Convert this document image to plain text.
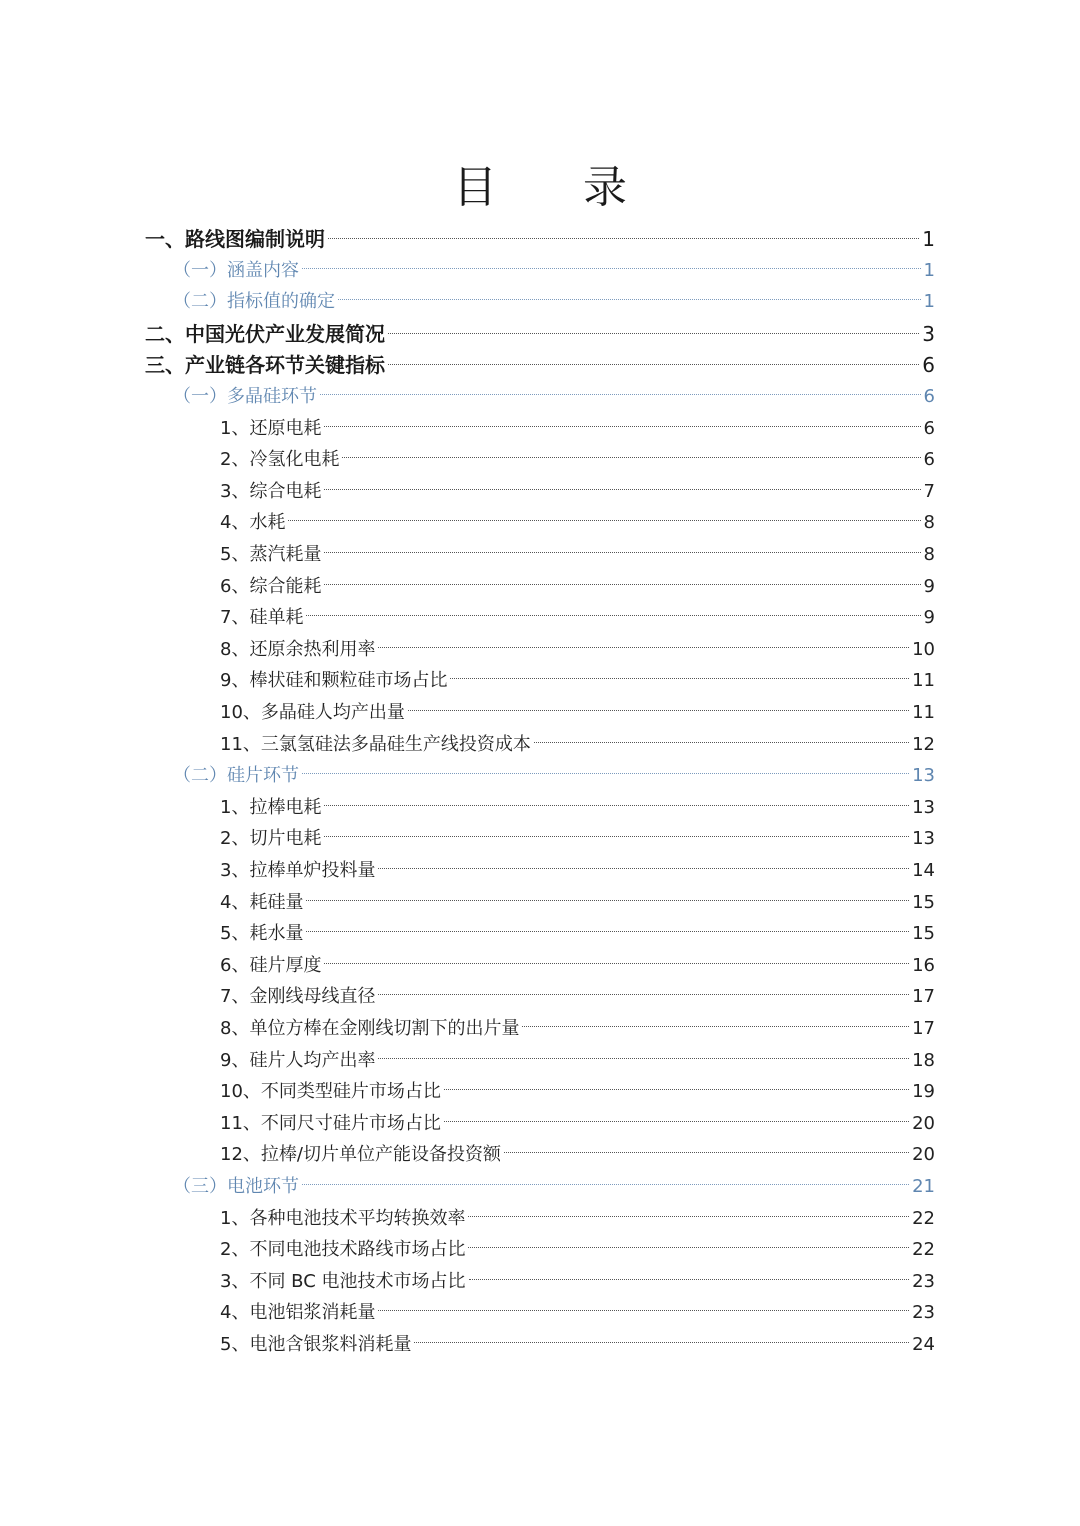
目 录
一、路线图编制说明	1
（一）涵盖内容	1
（二）指标值的确定	1
二、中国光伏产业发展简况	3
三、产业链各环节关键指标	6
（一）多晶硅环节	6
1、还原电耗	6
2、冷氢化电耗	6
3、综合电耗	7
4、水耗	8
5、蒸汽耗量	8
6、综合能耗	9
7、硅单耗	9
8、还原余热利用率	10
9、棒状硅和颗粒硅市场占比	11
10、多晶硅人均产出量	11
11、三氯氢硅法多晶硅生产线投资成本	12
（二）硅片环节	13
1、拉棒电耗	13
2、切片电耗	13
3、拉棒单炉投料量	14
4、耗硅量	15
5、耗水量	15
6、硅片厚度	16
7、金刚线母线直径	17
8、单位方棒在金刚线切割下的出片量	17
9、硅片人均产出率	18
10、不同类型硅片市场占比	19
11、不同尺寸硅片市场占比	20
12、拉棒/切片单位产能设备投资额	20
（三）电池环节	21
1、各种电池技术平均转换效率	22
2、不同电池技术路线市场占比	22
3、不同 BC 电池技术市场占比	23
4、电池铝浆消耗量	23
5、电池含银浆料消耗量	24
